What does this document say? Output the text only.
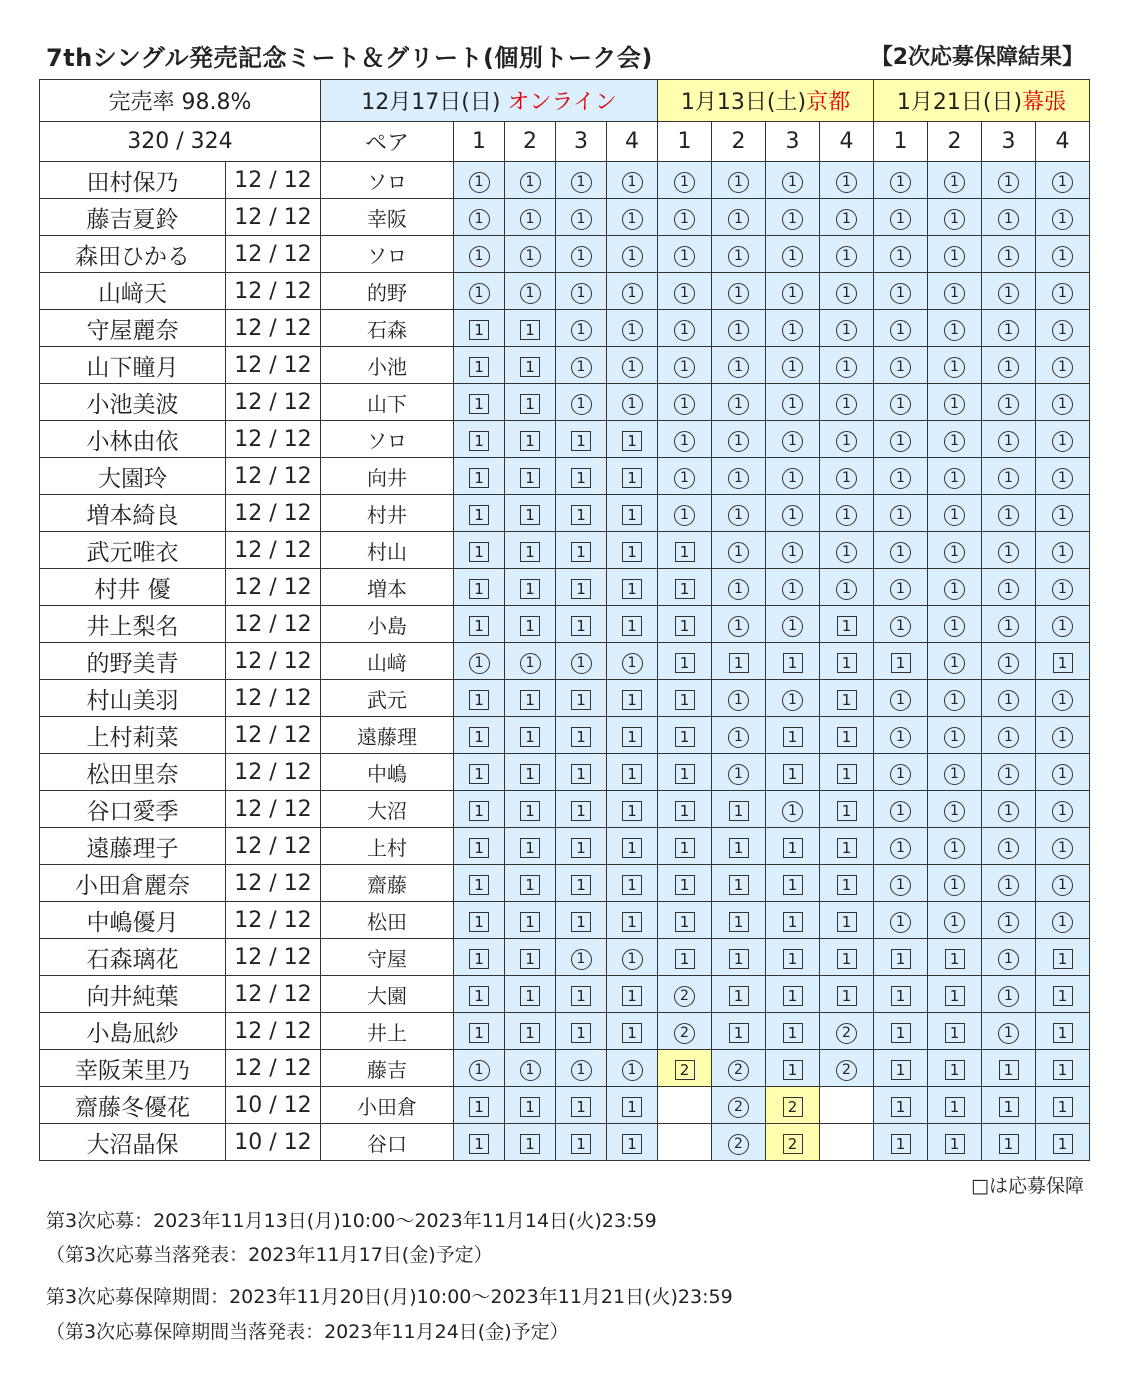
7thシングル発売記念ミート＆グリート(個別トーク会)	【2次応募保障結果】
完売率 98.8%		12月17日(日) オンライン					1月13日(土)京都				1月21日(日)幕張			
320 / 324		ペア	1	2	3	4	1	2	3	4	1	2	3	4
田村保乃	12 / 12	ソロ	1	1	1	1	1	1	1	1	1	1	1	1
藤吉夏鈴	12 / 12	幸阪	1	1	1	1	1	1	1	1	1	1	1	1
森田ひかる	12 / 12	ソロ	1	1	1	1	1	1	1	1	1	1	1	1
山﨑天	12 / 12	的野	1	1	1	1	1	1	1	1	1	1	1	1
守屋麗奈	12 / 12	石森	1	1	1	1	1	1	1	1	1	1	1	1
山下瞳月	12 / 12	小池	1	1	1	1	1	1	1	1	1	1	1	1
小池美波	12 / 12	山下	1	1	1	1	1	1	1	1	1	1	1	1
小林由依	12 / 12	ソロ	1	1	1	1	1	1	1	1	1	1	1	1
大園玲	12 / 12	向井	1	1	1	1	1	1	1	1	1	1	1	1
増本綺良	12 / 12	村井	1	1	1	1	1	1	1	1	1	1	1	1
武元唯衣	12 / 12	村山	1	1	1	1	1	1	1	1	1	1	1	1
村井 優	12 / 12	増本	1	1	1	1	1	1	1	1	1	1	1	1
井上梨名	12 / 12	小島	1	1	1	1	1	1	1	1	1	1	1	1
的野美青	12 / 12	山﨑	1	1	1	1	1	1	1	1	1	1	1	1
村山美羽	12 / 12	武元	1	1	1	1	1	1	1	1	1	1	1	1
上村莉菜	12 / 12	遠藤理	1	1	1	1	1	1	1	1	1	1	1	1
松田里奈	12 / 12	中嶋	1	1	1	1	1	1	1	1	1	1	1	1
谷口愛季	12 / 12	大沼	1	1	1	1	1	1	1	1	1	1	1	1
遠藤理子	12 / 12	上村	1	1	1	1	1	1	1	1	1	1	1	1
小田倉麗奈	12 / 12	齋藤	1	1	1	1	1	1	1	1	1	1	1	1
中嶋優月	12 / 12	松田	1	1	1	1	1	1	1	1	1	1	1	1
石森璃花	12 / 12	守屋	1	1	1	1	1	1	1	1	1	1	1	1
向井純葉	12 / 12	大園	1	1	1	1	2	1	1	1	1	1	1	1
小島凪紗	12 / 12	井上	1	1	1	1	2	1	1	2	1	1	1	1
幸阪茉里乃	12 / 12	藤吉	1	1	1	1	2	2	1	2	1	1	1	1
齋藤冬優花	10 / 12	小田倉	1	1	1	1		2	2		1	1	1	1
大沼晶保	10 / 12	谷口	1	1	1	1		2	2		1	1	1	1
□は応募保障
第3次応募：2023年11月13日(月)10:00～2023年11月14日(火)23:59
（第3次応募当落発表：2023年11月17日(金)予定）
第3次応募保障期間：2023年11月20日(月)10:00～2023年11月21日(火)23:59
（第3次応募保障期間当落発表：2023年11月24日(金)予定）
